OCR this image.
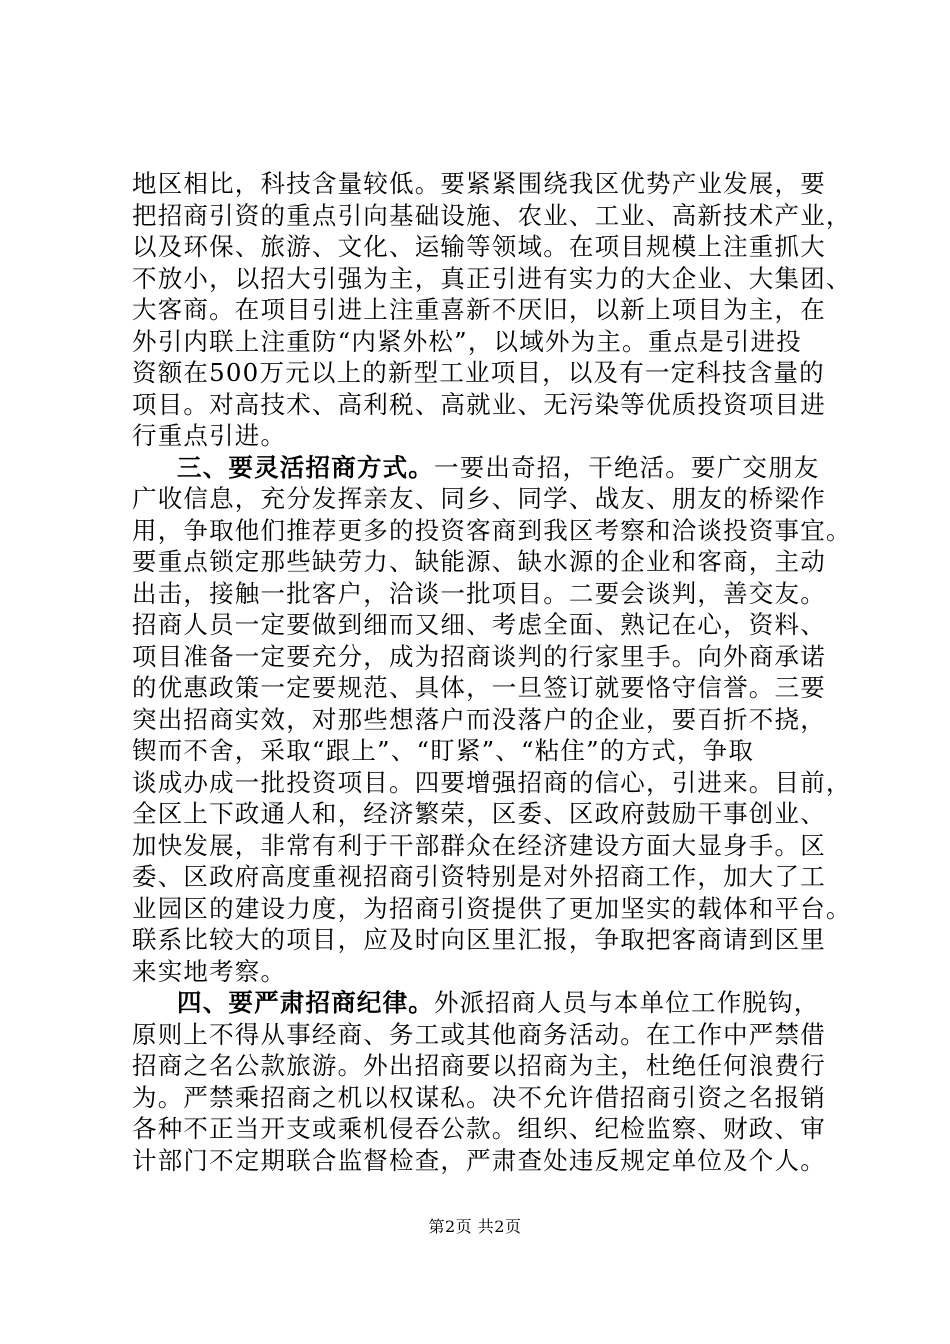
地区相比，科技含量较低。要紧紧围绕我区优势产业发展，要
把招商引资的重点引向基础设施、农业、工业、高新技术产业，
以及环保、旅游、文化、运输等领域。在项目规模上注重抓大
不放小，以招大引强为主，真正引进有实力的大企业、大集团、
大客商。在项目引进上注重喜新不厌旧，以新上项目为主，在
外引内联上注重防“内紧外松”，以域外为主。重点是引进投
资额在500万元以上的新型工业项目，以及有一定科技含量的
项目。对高技术、高利税、高就业、无污染等优质投资项目进
行重点引进。
三、要灵活招商方式。一要出奇招，干绝活。要广交朋友
广收信息，充分发挥亲友、同乡、同学、战友、朋友的桥梁作
用，争取他们推荐更多的投资客商到我区考察和洽谈投资事宜。
要重点锁定那些缺劳力、缺能源、缺水源的企业和客商，主动
出击，接触一批客户，洽谈一批项目。二要会谈判，善交友。
招商人员一定要做到细而又细、考虑全面、熟记在心，资料、
项目准备一定要充分，成为招商谈判的行家里手。向外商承诺
的优惠政策一定要规范、具体，一旦签订就要恪守信誉。三要
突出招商实效，对那些想落户而没落户的企业，要百折不挠，
锲而不舍，采取“跟上”、“盯紧”、“粘住”的方式，争取
谈成办成一批投资项目。四要增强招商的信心，引进来。目前，
全区上下政通人和，经济繁荣，区委、区政府鼓励干事创业、
加快发展，非常有利于干部群众在经济建设方面大显身手。区
委、区政府高度重视招商引资特别是对外招商工作，加大了工
业园区的建设力度，为招商引资提供了更加坚实的载体和平台。
联系比较大的项目，应及时向区里汇报，争取把客商请到区里
来实地考察。
四、要严肃招商纪律。外派招商人员与本单位工作脱钩，
原则上不得从事经商、务工或其他商务活动。在工作中严禁借
招商之名公款旅游。外出招商要以招商为主，杜绝任何浪费行
为。严禁乘招商之机以权谋私。决不允许借招商引资之名报销
各种不正当开支或乘机侵吞公款。组织、纪检监察、财政、审
计部门不定期联合监督检查，严肃查处违反规定单位及个人。
第2页 共2页
